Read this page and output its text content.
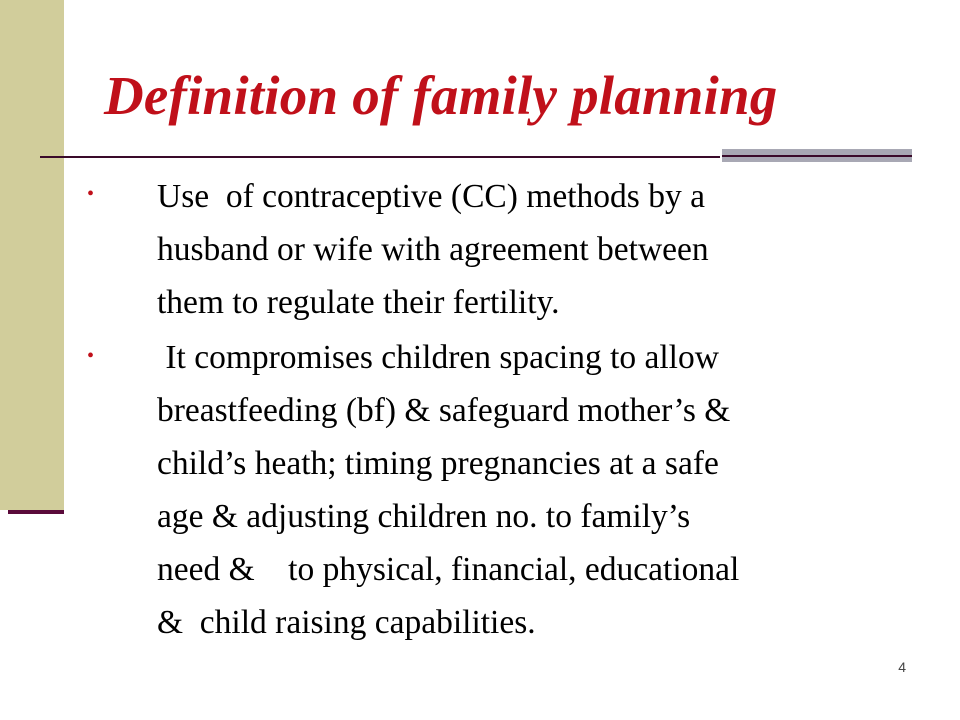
Definition of family planning
• Use  of contraceptive (CC) methods by a
husband or wife with agreement between
them to regulate their fertility.

• It compromises children spacing to allow
breastfeeding (bf) & safeguard mother’s &
child’s heath; timing pregnancies at a safe
age & adjusting children no. to family’s
need &    to physical, financial, educational
&  child raising capabilities.

4
